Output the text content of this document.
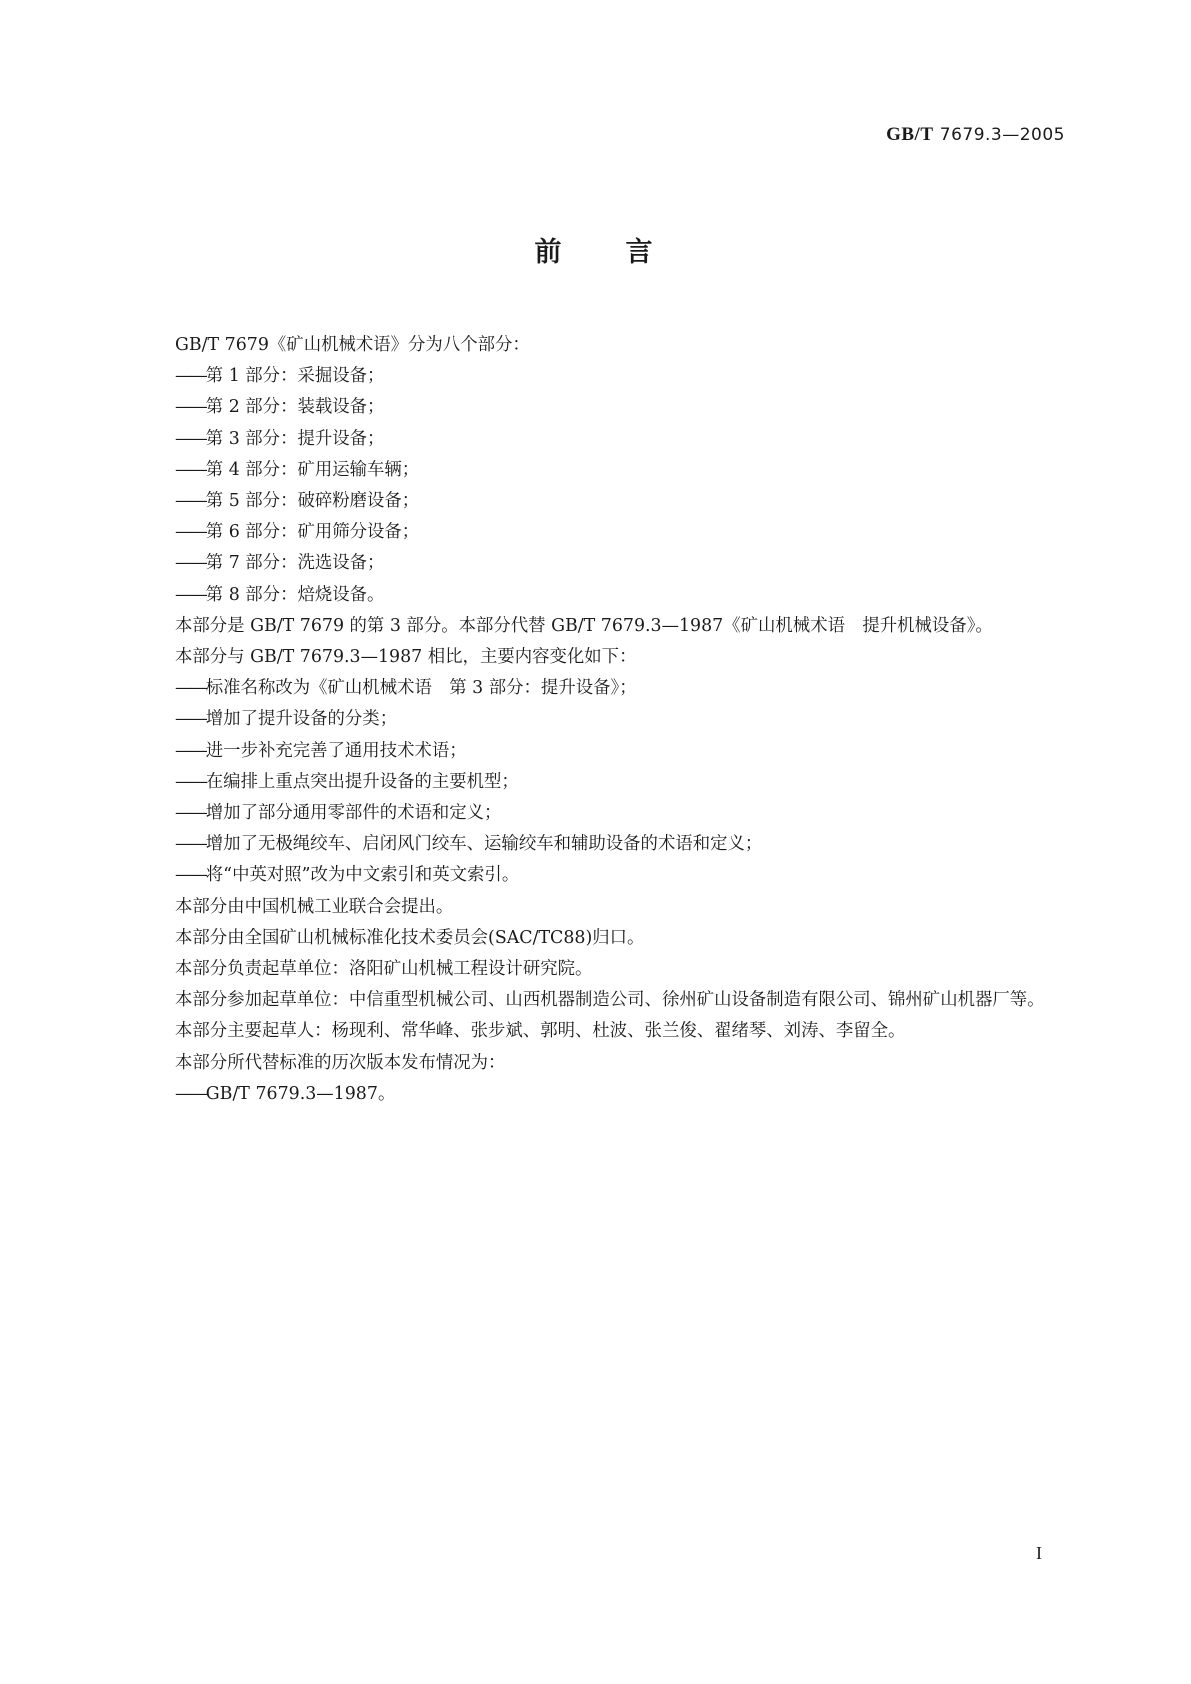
GB/T 7679.3—2005
前言

GB/T 7679《矿山机械术语》分为八个部分：

——第 1 部分：采掘设备；

——第 2 部分：装载设备；

——第 3 部分：提升设备；

——第 4 部分：矿用运输车辆；

——第 5 部分：破碎粉磨设备；

——第 6 部分：矿用筛分设备；

——第 7 部分：洗选设备；

——第 8 部分：焙烧设备。

本部分是 GB/T 7679 的第 3 部分。本部分代替 GB/T 7679.3—1987《矿山机械术语　提升机械设备》。

本部分与 GB/T 7679.3—1987 相比，主要内容变化如下：

——标准名称改为《矿山机械术语　第 3 部分：提升设备》；

——增加了提升设备的分类；

——进一步补充完善了通用技术术语；

——在编排上重点突出提升设备的主要机型；

——增加了部分通用零部件的术语和定义；

——增加了无极绳绞车、启闭风门绞车、运输绞车和辅助设备的术语和定义；

——将“中英对照”改为中文索引和英文索引。

本部分由中国机械工业联合会提出。

本部分由全国矿山机械标准化技术委员会(SAC/TC88)归口。

本部分负责起草单位：洛阳矿山机械工程设计研究院。

本部分参加起草单位：中信重型机械公司、山西机器制造公司、徐州矿山设备制造有限公司、锦州矿山机器厂等。

本部分主要起草人：杨现利、常华峰、张步斌、郭明、杜波、张兰俊、翟绪琴、刘涛、李留全。

本部分所代替标准的历次版本发布情况为：

——GB/T 7679.3—1987。

I
